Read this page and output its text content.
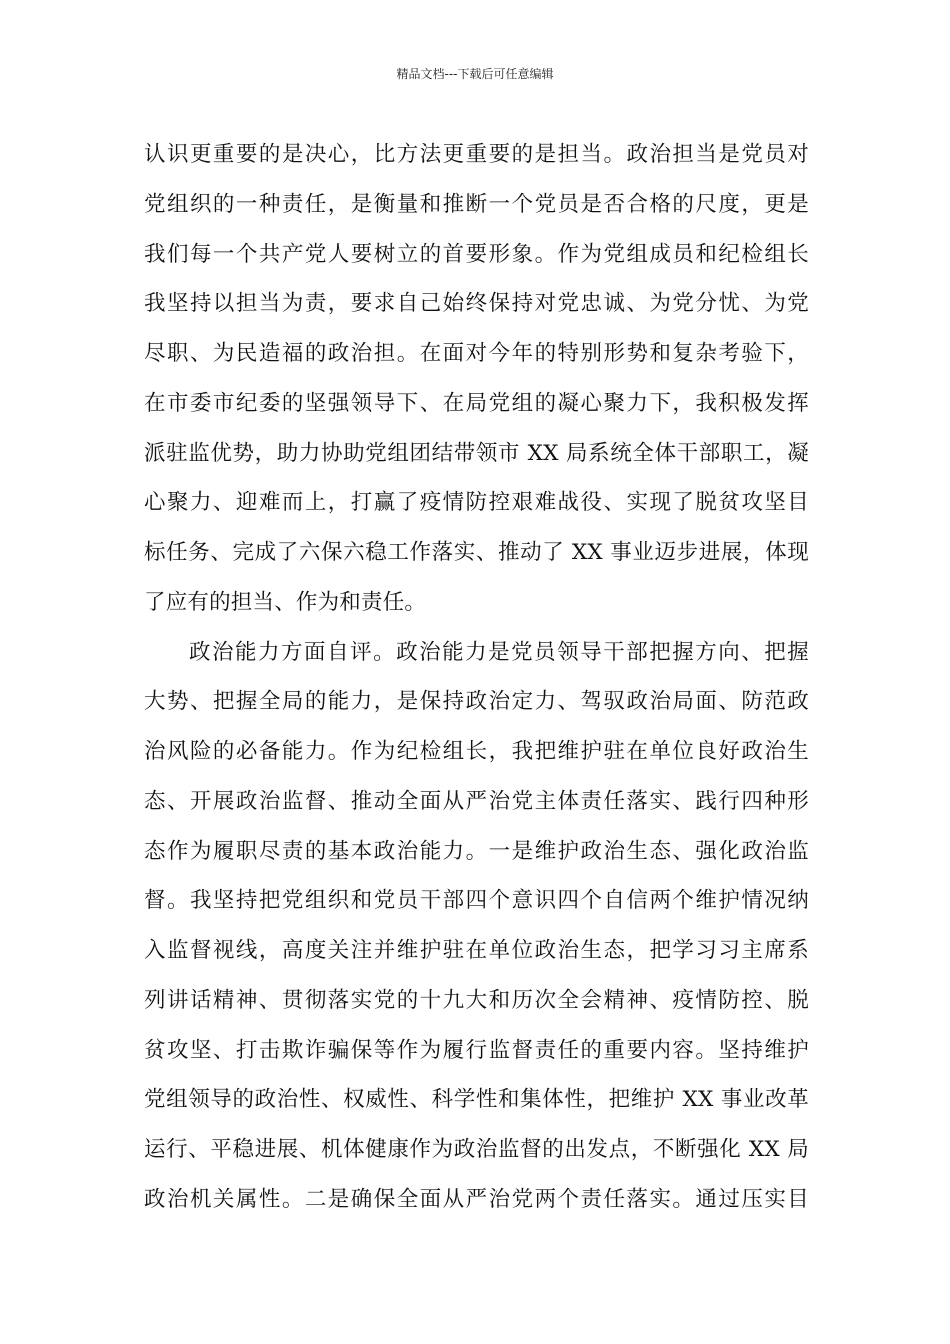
精品文档---下载后可任意编辑
认识更重要的是决心，比方法更重要的是担当。政治担当是党员对
党组织的一种责任，是衡量和推断一个党员是否合格的尺度，更是
我们每一个共产党人要树立的首要形象。作为党组成员和纪检组长
我坚持以担当为责，要求自己始终保持对党忠诚、为党分忧、为党
尽职、为民造福的政治担。在面对今年的特别形势和复杂考验下，
在市委市纪委的坚强领导下、在局党组的凝心聚力下，我积极发挥
派驻监优势，助力协助党组团结带领市 XX 局系统全体干部职工，凝
心聚力、迎难而上，打赢了疫情防控艰难战役、实现了脱贫攻坚目
标任务、完成了六保六稳工作落实、推动了 XX 事业迈步进展，体现
了应有的担当、作为和责任。
政治能力方面自评。政治能力是党员领导干部把握方向、把握
大势、把握全局的能力，是保持政治定力、驾驭政治局面、防范政
治风险的必备能力。作为纪检组长，我把维护驻在单位良好政治生
态、开展政治监督、推动全面从严治党主体责任落实、践行四种形
态作为履职尽责的基本政治能力。一是维护政治生态、强化政治监
督。我坚持把党组织和党员干部四个意识四个自信两个维护情况纳
入监督视线，高度关注并维护驻在单位政治生态，把学习习主席系
列讲话精神、贯彻落实党的十九大和历次全会精神、疫情防控、脱
贫攻坚、打击欺诈骗保等作为履行监督责任的重要内容。坚持维护
党组领导的政治性、权威性、科学性和集体性，把维护 XX 事业改革
运行、平稳进展、机体健康作为政治监督的出发点，不断强化 XX 局
政治机关属性。二是确保全面从严治党两个责任落实。通过压实目
